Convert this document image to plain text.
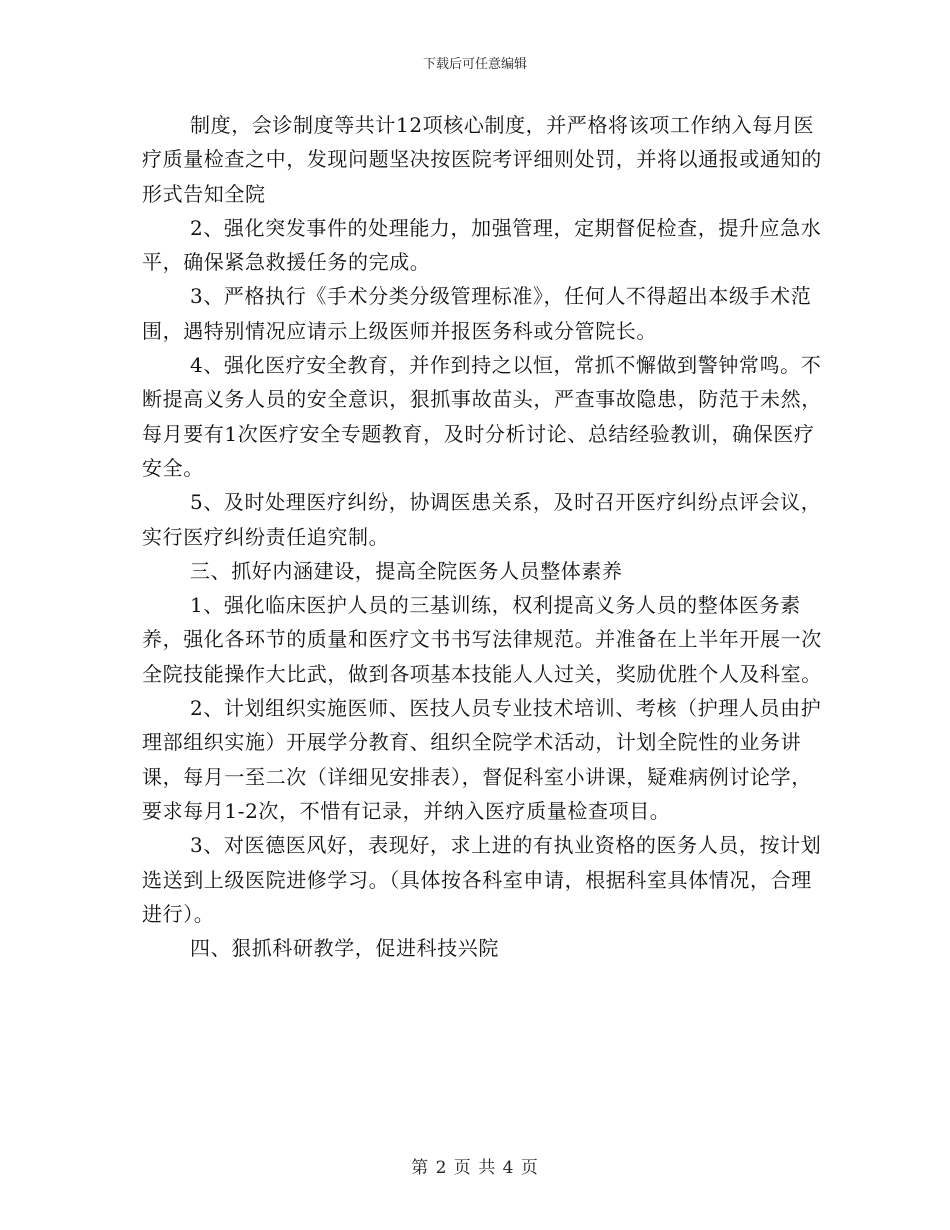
下载后可任意编辑

制度，会诊制度等共计12项核心制度，并严格将该项工作纳入每月医疗质量检查之中，发现问题坚决按医院考评细则处罚，并将以通报或通知的形式告知全院

2、强化突发事件的处理能力，加强管理，定期督促检查，提升应急水平，确保紧急救援任务的完成。

3、严格执行《手术分类分级管理标准》，任何人不得超出本级手术范围，遇特别情况应请示上级医师并报医务科或分管院长。

4、强化医疗安全教育，并作到持之以恒，常抓不懈做到警钟常鸣。不断提高义务人员的安全意识，狠抓事故苗头，严查事故隐患，防范于未然，每月要有1次医疗安全专题教育，及时分析讨论、总结经验教训，确保医疗安全。

5、及时处理医疗纠纷，协调医患关系，及时召开医疗纠纷点评会议，实行医疗纠纷责任追究制。

三、抓好内涵建设，提高全院医务人员整体素养

1、强化临床医护人员的三基训练，权利提高义务人员的整体医务素养，强化各环节的质量和医疗文书书写法律规范。并准备在上半年开展一次全院技能操作大比武，做到各项基本技能人人过关，奖励优胜个人及科室。

2、计划组织实施医师、医技人员专业技术培训、考核（护理人员由护理部组织实施）开展学分教育、组织全院学术活动，计划全院性的业务讲课，每月一至二次（详细见安排表），督促科室小讲课，疑难病例讨论学，要求每月1-2次，不惜有记录，并纳入医疗质量检查项目。

3、对医德医风好，表现好，求上进的有执业资格的医务人员，按计划选送到上级医院进修学习。（具体按各科室申请，根据科室具体情况，合理进行）。

四、狠抓科研教学，促进科技兴院

第 2 页 共 4 页
